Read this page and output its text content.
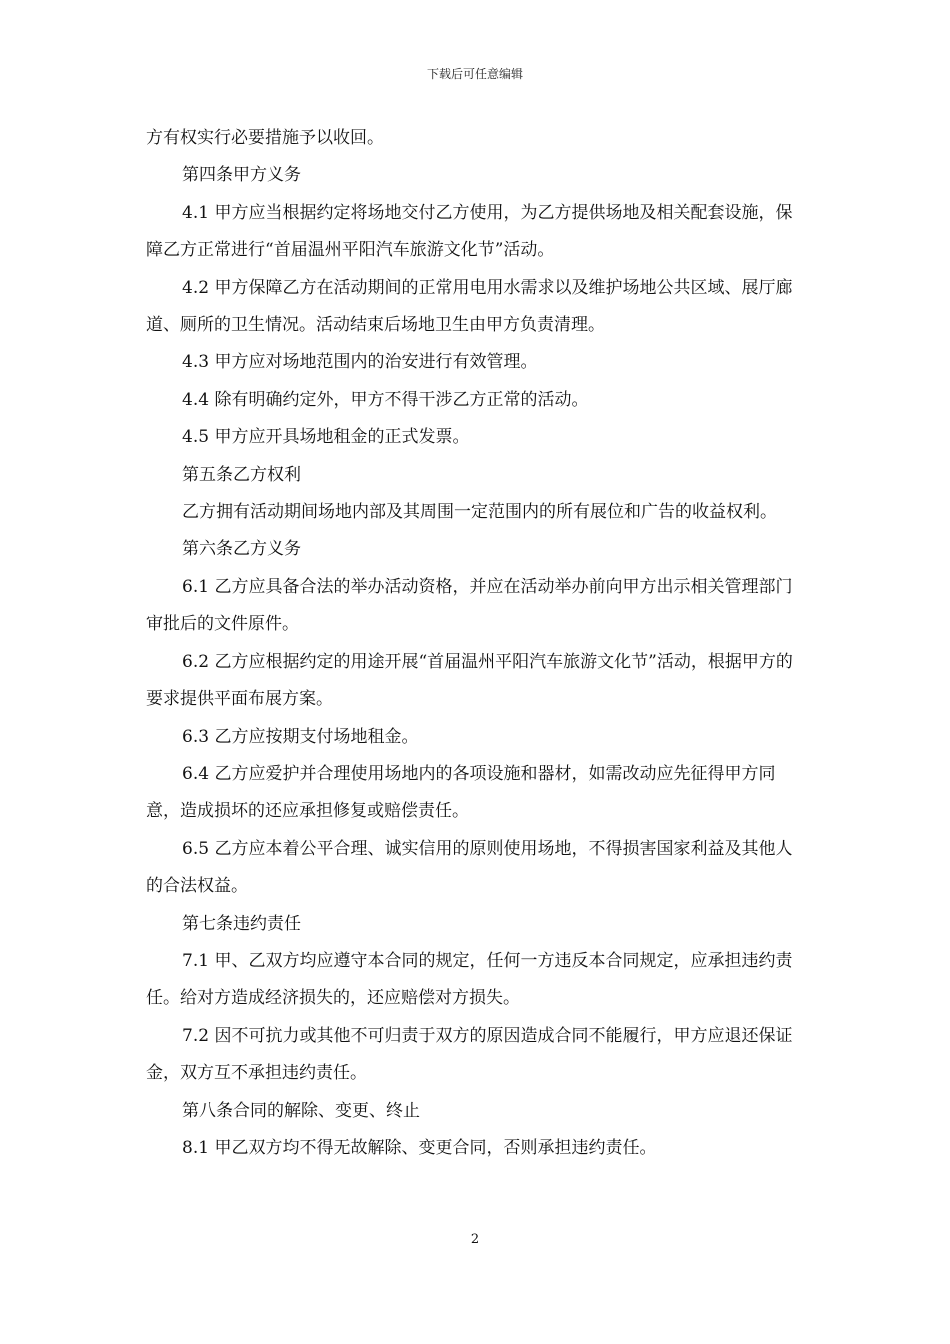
下载后可任意编辑

方有权实行必要措施予以收回。

第四条甲方义务

4.1 甲方应当根据约定将场地交付乙方使用，为乙方提供场地及相关配套设施，保障乙方正常进行“首届温州平阳汽车旅游文化节”活动。

4.2 甲方保障乙方在活动期间的正常用电用水需求以及维护场地公共区域、展厅廊道、厕所的卫生情况。活动结束后场地卫生由甲方负责清理。

4.3 甲方应对场地范围内的治安进行有效管理。

4.4 除有明确约定外，甲方不得干涉乙方正常的活动。

4.5 甲方应开具场地租金的正式发票。

第五条乙方权利

乙方拥有活动期间场地内部及其周围一定范围内的所有展位和广告的收益权利。

第六条乙方义务

6.1 乙方应具备合法的举办活动资格，并应在活动举办前向甲方出示相关管理部门审批后的文件原件。

6.2 乙方应根据约定的用途开展“首届温州平阳汽车旅游文化节”活动，根据甲方的要求提供平面布展方案。

6.3 乙方应按期支付场地租金。

6.4 乙方应爱护并合理使用场地内的各项设施和器材，如需改动应先征得甲方同意，造成损坏的还应承担修复或赔偿责任。

6.5 乙方应本着公平合理、诚实信用的原则使用场地，不得损害国家利益及其他人的合法权益。

第七条违约责任

7.1 甲、乙双方均应遵守本合同的规定，任何一方违反本合同规定，应承担违约责任。给对方造成经济损失的，还应赔偿对方损失。

7.2 因不可抗力或其他不可归责于双方的原因造成合同不能履行，甲方应退还保证金，双方互不承担违约责任。

第八条合同的解除、变更、终止

8.1 甲乙双方均不得无故解除、变更合同，否则承担违约责任。

2
